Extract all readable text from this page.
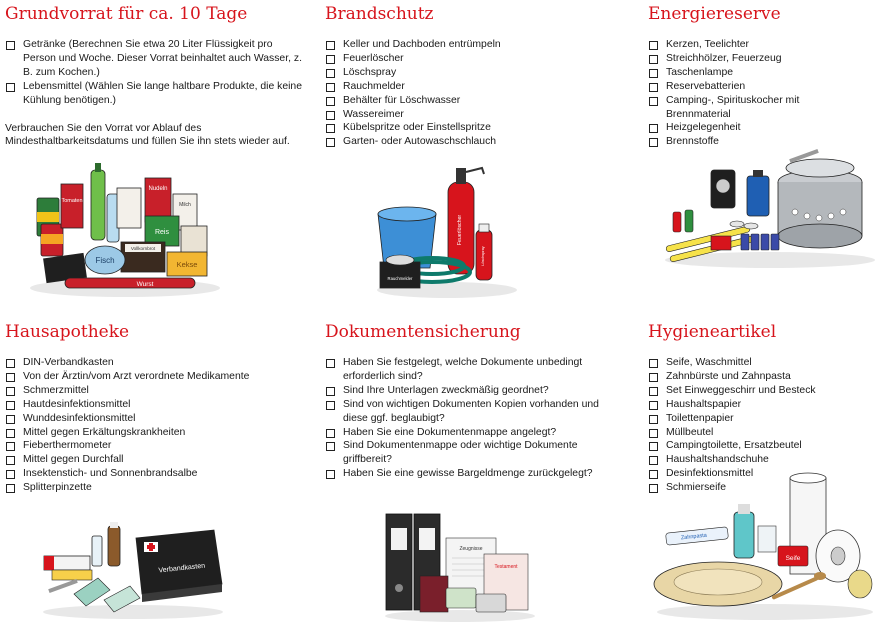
Grundvorrat für ca. 10 Tage
Getränke (Berechnen Sie etwa 20 Liter Flüssigkeit pro Person und Woche. Dieser Vorrat beinhaltet auch Wasser, z. B. zum Kochen.)
Lebensmittel (Wählen Sie lange haltbare Produkte, die keine Kühlung benötigen.)

Verbrauchen Sie den Vorrat vor Ablauf des Mindesthaltbarkeitsdatums und füllen Sie ihn stets wieder auf.

Tomaten
Nudeln
Milch
Reis
Vollkornbrot
Fisch	Kekse
Wurst
Brandschutz
Keller und Dachboden entrümpeln
Feuerlöscher
Löschspray
Rauchmelder
Behälter für Löschwasser
Wassereimer
Kübelspritze oder Einstellspritze
Garten- oder Autowaschschlauch
Feuerlöscher
Löschspray
Rauchmelder
Energiereserve
Kerzen, Teelichter
Streichhölzer, Feuerzeug
Taschenlampe
Reservebatterien
Camping-, Spirituskocher mit Brennmaterial
Heizgelegenheit
Brennstoffe
Hausapotheke
DIN-Verbandkasten
Von der Ärztin/vom Arzt verordnete Medikamente
Schmerzmittel
Hautdesinfektionsmittel
Wunddesinfektionsmittel
Mittel gegen Erkältungskrankheiten
Fieberthermometer
Mittel gegen Durchfall
Insektenstich- und Sonnenbrandsalbe
Splitterpinzette
Verbandkasten
Dokumentensicherung
Haben Sie festgelegt, welche Dokumente unbedingt erforderlich sind?
Sind Ihre Unterlagen zweckmäßig geordnet?
Sind von wichtigen Dokumenten Kopien vorhanden und diese ggf. beglaubigt?
Haben Sie eine Dokumentenmappe angelegt?
Sind Dokumentenmappe oder wichtige Dokumente griffbereit?
Haben Sie eine gewisse Bargeldmenge zurückgelegt?
Zeugnisse
Testament
Hygieneartikel
Seife, Waschmittel
Zahnbürste und Zahnpasta
Set Einweggeschirr und Besteck
Haushaltspapier
Toilettenpapier
Müllbeutel
Campingtoilette, Ersatzbeutel
Haushaltshandschuhe
Desinfektionsmittel
Schmierseife
Zahnpasta
Seife
